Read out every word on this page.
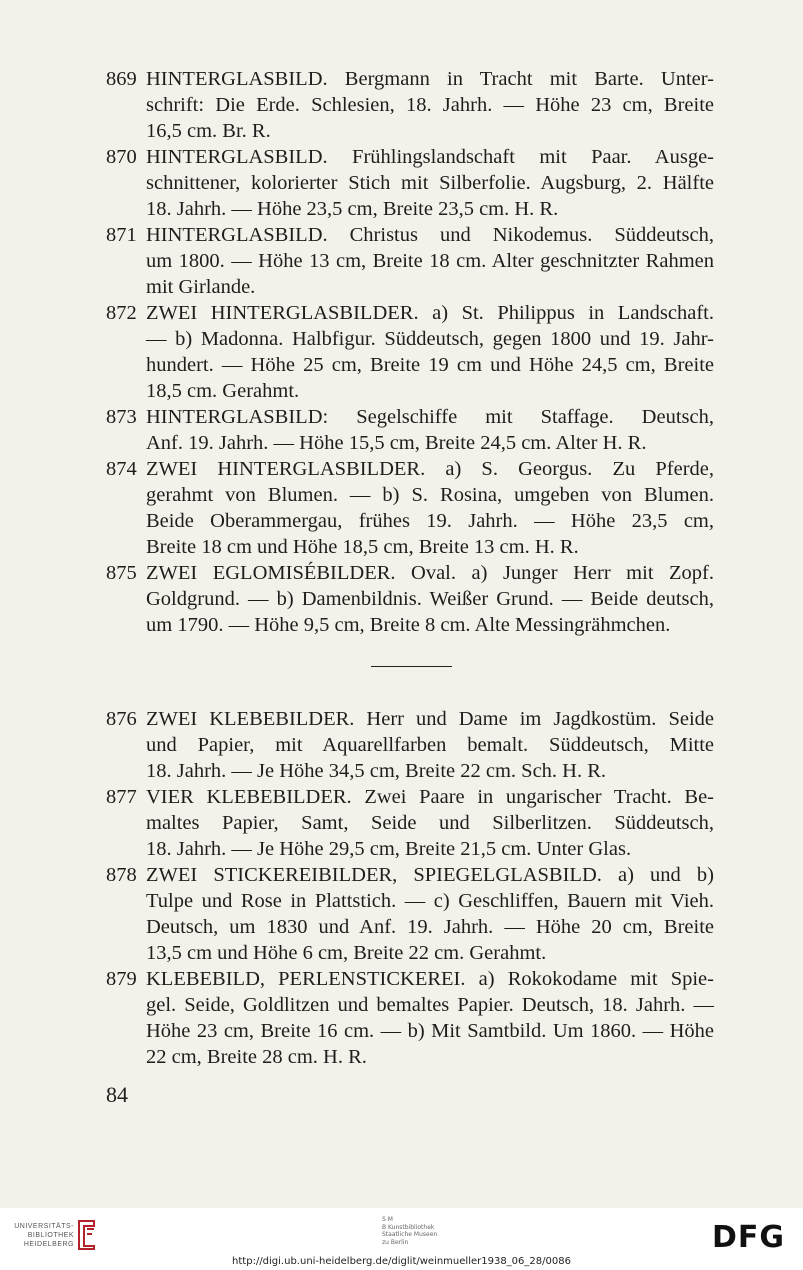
869 HINTERGLASBILD. Bergmann in Tracht mit Barte. Unter-
schrift: Die Erde. Schlesien, 18. Jahrh. — Höhe 23 cm, Breite
16,5 cm. Br. R.
870 HINTERGLASBILD. Frühlingslandschaft mit Paar. Ausge-
schnittener, kolorierter Stich mit Silberfolie. Augsburg, 2. Hälfte
18. Jahrh. — Höhe 23,5 cm, Breite 23,5 cm. H. R.
871 HINTERGLASBILD. Christus und Nikodemus. Süddeutsch,
um 1800. — Höhe 13 cm, Breite 18 cm. Alter geschnitzter Rahmen
mit Girlande.
872 ZWEI HINTERGLASBILDER. a) St. Philippus in Landschaft.
— b) Madonna. Halbfigur. Süddeutsch, gegen 1800 und 19. Jahr-
hundert. — Höhe 25 cm, Breite 19 cm und Höhe 24,5 cm, Breite
18,5 cm. Gerahmt.
873 HINTERGLASBILD: Segelschiffe mit Staffage. Deutsch,
Anf. 19. Jahrh. — Höhe 15,5 cm, Breite 24,5 cm. Alter H. R.
874 ZWEI HINTERGLASBILDER. a) S. Georgus. Zu Pferde,
gerahmt von Blumen. — b) S. Rosina, umgeben von Blumen.
Beide Oberammergau, frühes 19. Jahrh. — Höhe 23,5 cm,
Breite 18 cm und Höhe 18,5 cm, Breite 13 cm. H. R.
875 ZWEI EGLOMISÉBILDER. Oval. a) Junger Herr mit Zopf.
Goldgrund. — b) Damenbildnis. Weißer Grund. — Beide deutsch,
um 1790. — Höhe 9,5 cm, Breite 8 cm. Alte Messingrähmchen.
876 ZWEI KLEBEBILDER. Herr und Dame im Jagdkostüm. Seide
und Papier, mit Aquarellfarben bemalt. Süddeutsch, Mitte
18. Jahrh. — Je Höhe 34,5 cm, Breite 22 cm. Sch. H. R.
877 VIER KLEBEBILDER. Zwei Paare in ungarischer Tracht. Be-
maltes Papier, Samt, Seide und Silberlitzen. Süddeutsch,
18. Jahrh. — Je Höhe 29,5 cm, Breite 21,5 cm. Unter Glas.
878 ZWEI STICKEREIBILDER, SPIEGELGLASBILD. a) und b)
Tulpe und Rose in Plattstich. — c) Geschliffen, Bauern mit Vieh.
Deutsch, um 1830 und Anf. 19. Jahrh. — Höhe 20 cm, Breite
13,5 cm und Höhe 6 cm, Breite 22 cm. Gerahmt.
879 KLEBEBILD, PERLENSTICKEREI. a) Rokokodame mit Spie-
gel. Seide, Goldlitzen und bemaltes Papier. Deutsch, 18. Jahrh. —
Höhe 23 cm, Breite 16 cm. — b) Mit Samtbild. Um 1860. — Höhe
22 cm, Breite 28 cm. H. R.
84
UNIVERSITÄTS-
BIBLIOTHEK
HEIDELBERG
S M
B Kunstbibliothek
Staatliche Museen
zu Berlin	DFG
http://digi.ub.uni-heidelberg.de/diglit/weinmueller1938_06_28/0086
